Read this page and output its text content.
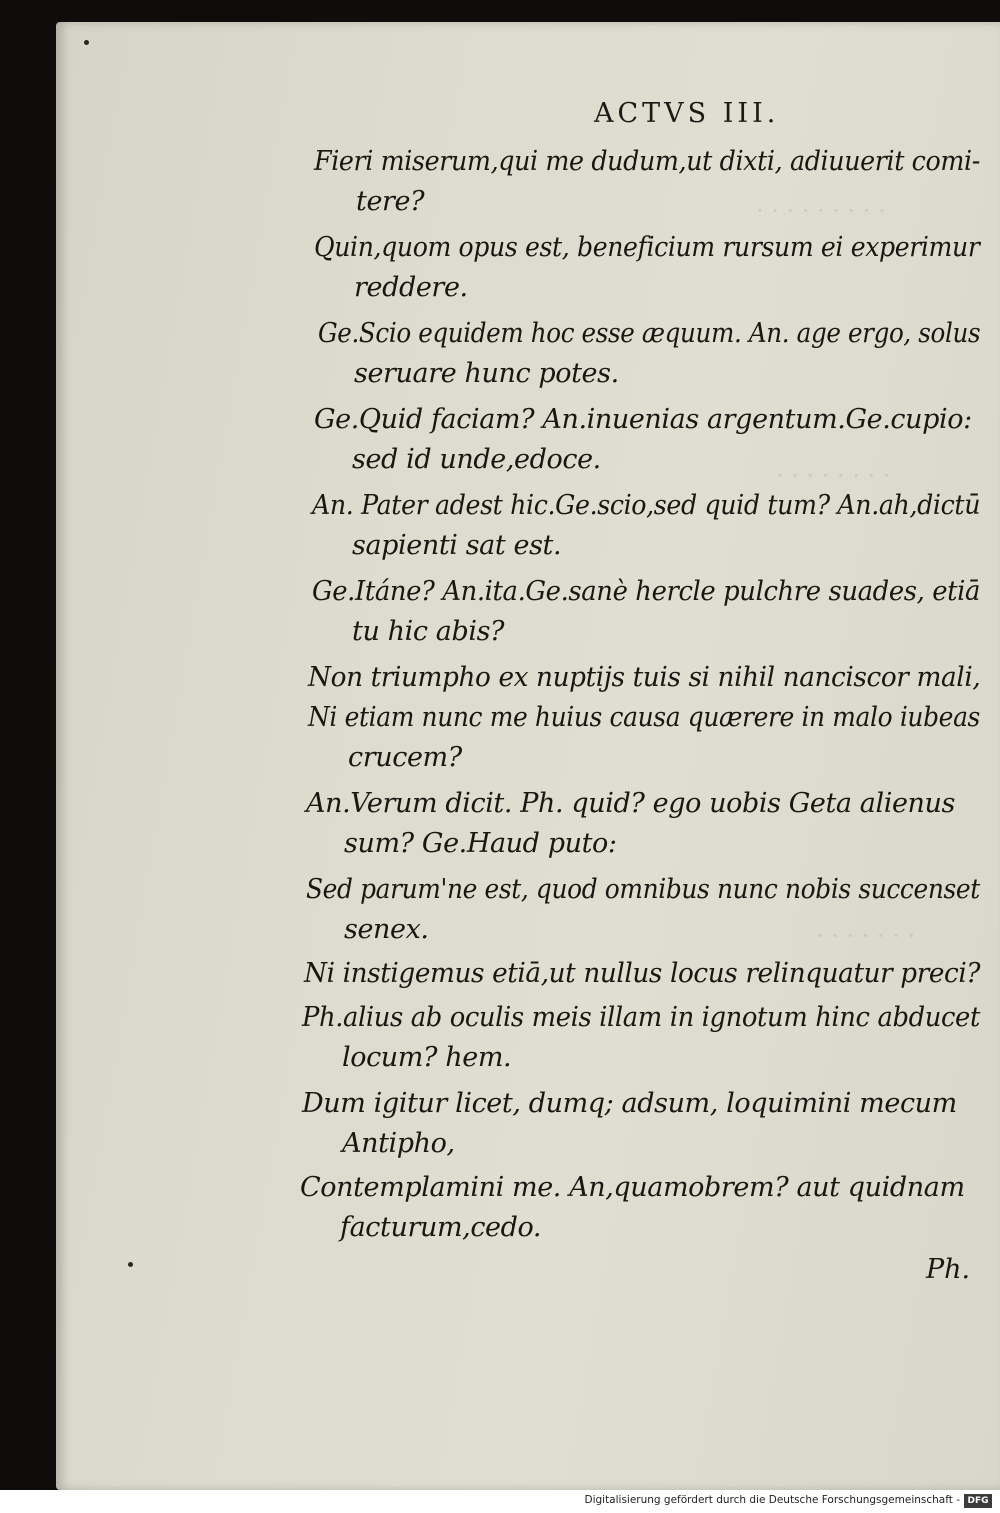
· · · · · · · · ·
· · · · · · · ·
· · · · · · ·
ACTVS III.
Fieri miserum,qui me dudum,ut dixti, adiuuerit comi-
tere?
Quin,quom opus est, beneficium rursum ei experimur
reddere.
Ge.Scio equidem hoc esse æquum. An. age ergo, solus
seruare hunc potes.
Ge.Quid faciam? An.inuenias argentum.Ge.cupio:
sed id unde,edoce.
An. Pater adest hic.Ge.scio,sed quid tum? An.ah,dictū
sapienti sat est.
Ge.Itáne? An.ita.Ge.sanè hercle pulchre suades, etiā
tu hic abis?
Non triumpho ex nuptijs tuis si nihil nanciscor mali,
Ni etiam nunc me huius causa quærere in malo iubeas
crucem?
An.Verum dicit. Ph. quid? ego uobis Geta alienus
sum? Ge.Haud puto:
Sed parum'ne est, quod omnibus nunc nobis succenset
senex.
Ni instigemus etiā,ut nullus locus relinquatur preci?
Ph.alius ab oculis meis illam in ignotum hinc abducet
locum? hem.
Dum igitur licet, dumq; adsum, loquimini mecum
Antipho,
Contemplamini me. An,quamobrem? aut quidnam
facturum,cedo.
Ph.
Digitalisierung gefördert durch die Deutsche Forschungsgemeinschaft - DFG
